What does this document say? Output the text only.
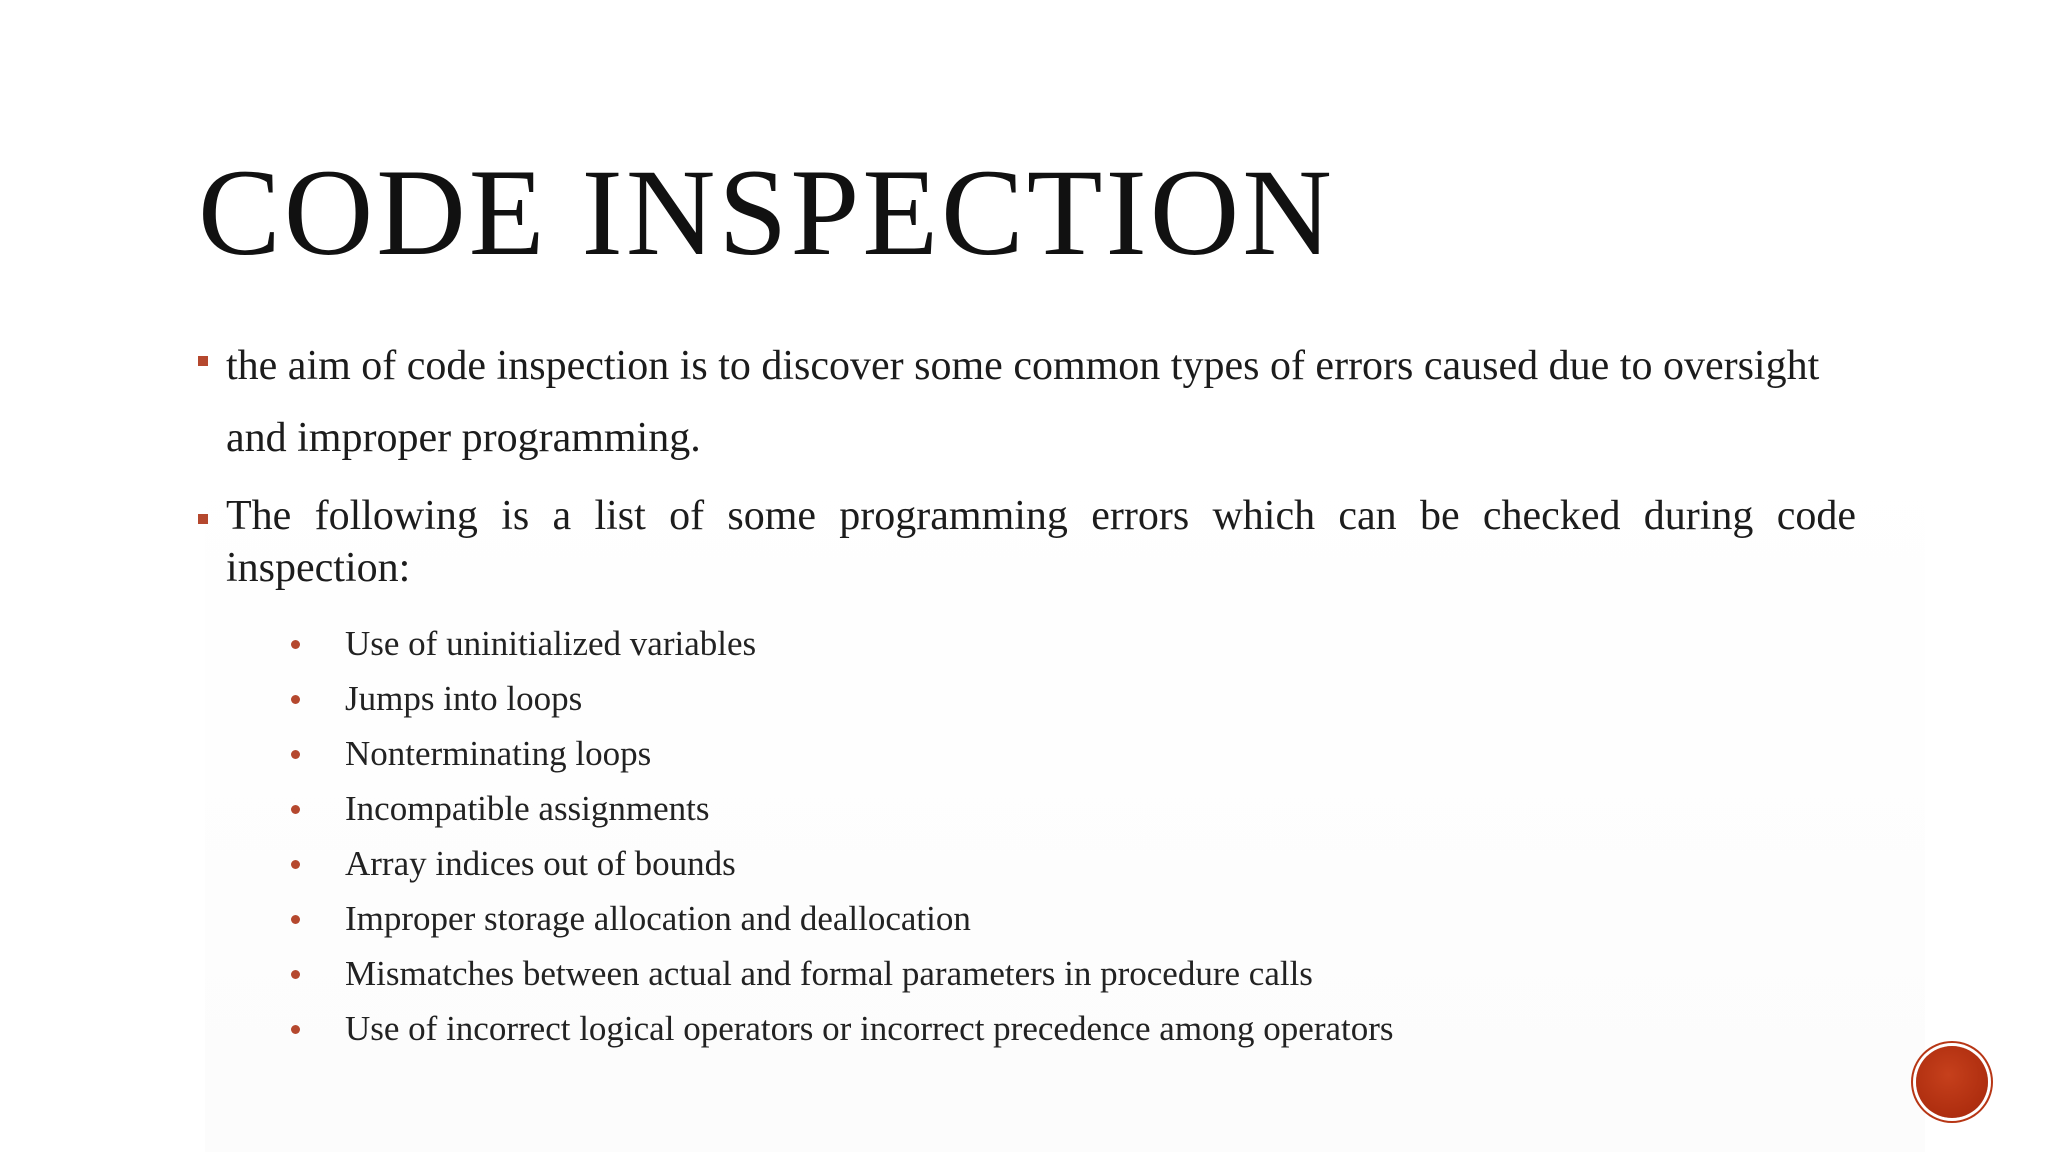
CODE INSPECTION
the aim of code inspection is to discover some common types of errors caused due to oversight and improper programming.
The following is a list of some programming errors which can be checked during code inspection:
Use of uninitialized variables
Jumps into loops
Nonterminating loops
Incompatible assignments
Array indices out of bounds
Improper storage allocation and deallocation
Mismatches between actual and formal parameters in procedure calls
Use of incorrect logical operators or incorrect precedence among operators
